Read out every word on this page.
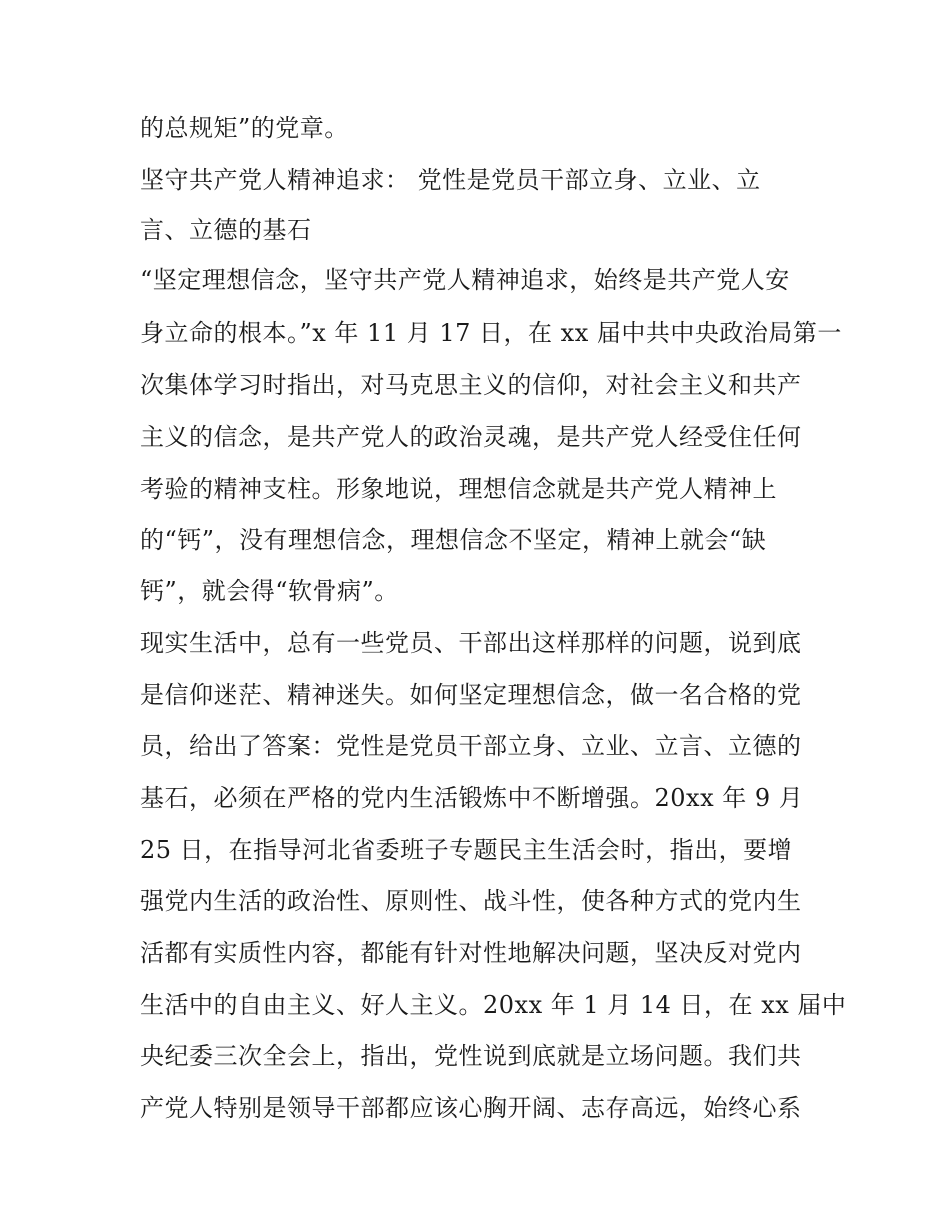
的总规矩”的党章。

坚守共产党人精神追求： 党性是党员干部立身、立业、立

言、立德的基石

“坚定理想信念，坚守共产党人精神追求，始终是共产党人安

身立命的根本。”x 年 11 月 17 日，在 xx 届中共中央政治局第一

次集体学习时指出，对马克思主义的信仰，对社会主义和共产

主义的信念，是共产党人的政治灵魂，是共产党人经受住任何

考验的精神支柱。形象地说，理想信念就是共产党人精神上

的“钙”，没有理想信念，理想信念不坚定，精神上就会“缺

钙”，就会得“软骨病”。

现实生活中，总有一些党员、干部出这样那样的问题，说到底

是信仰迷茫、精神迷失。如何坚定理想信念，做一名合格的党

员，给出了答案：党性是党员干部立身、立业、立言、立德的

基石，必须在严格的党内生活锻炼中不断增强。20xx 年 9 月

25 日，在指导河北省委班子专题民主生活会时，指出，要增

强党内生活的政治性、原则性、战斗性，使各种方式的党内生

活都有实质性内容，都能有针对性地解决问题，坚决反对党内

生活中的自由主义、好人主义。20xx 年 1 月 14 日，在 xx 届中

央纪委三次全会上，指出，党性说到底就是立场问题。我们共

产党人特别是领导干部都应该心胸开阔、志存高远，始终心系
